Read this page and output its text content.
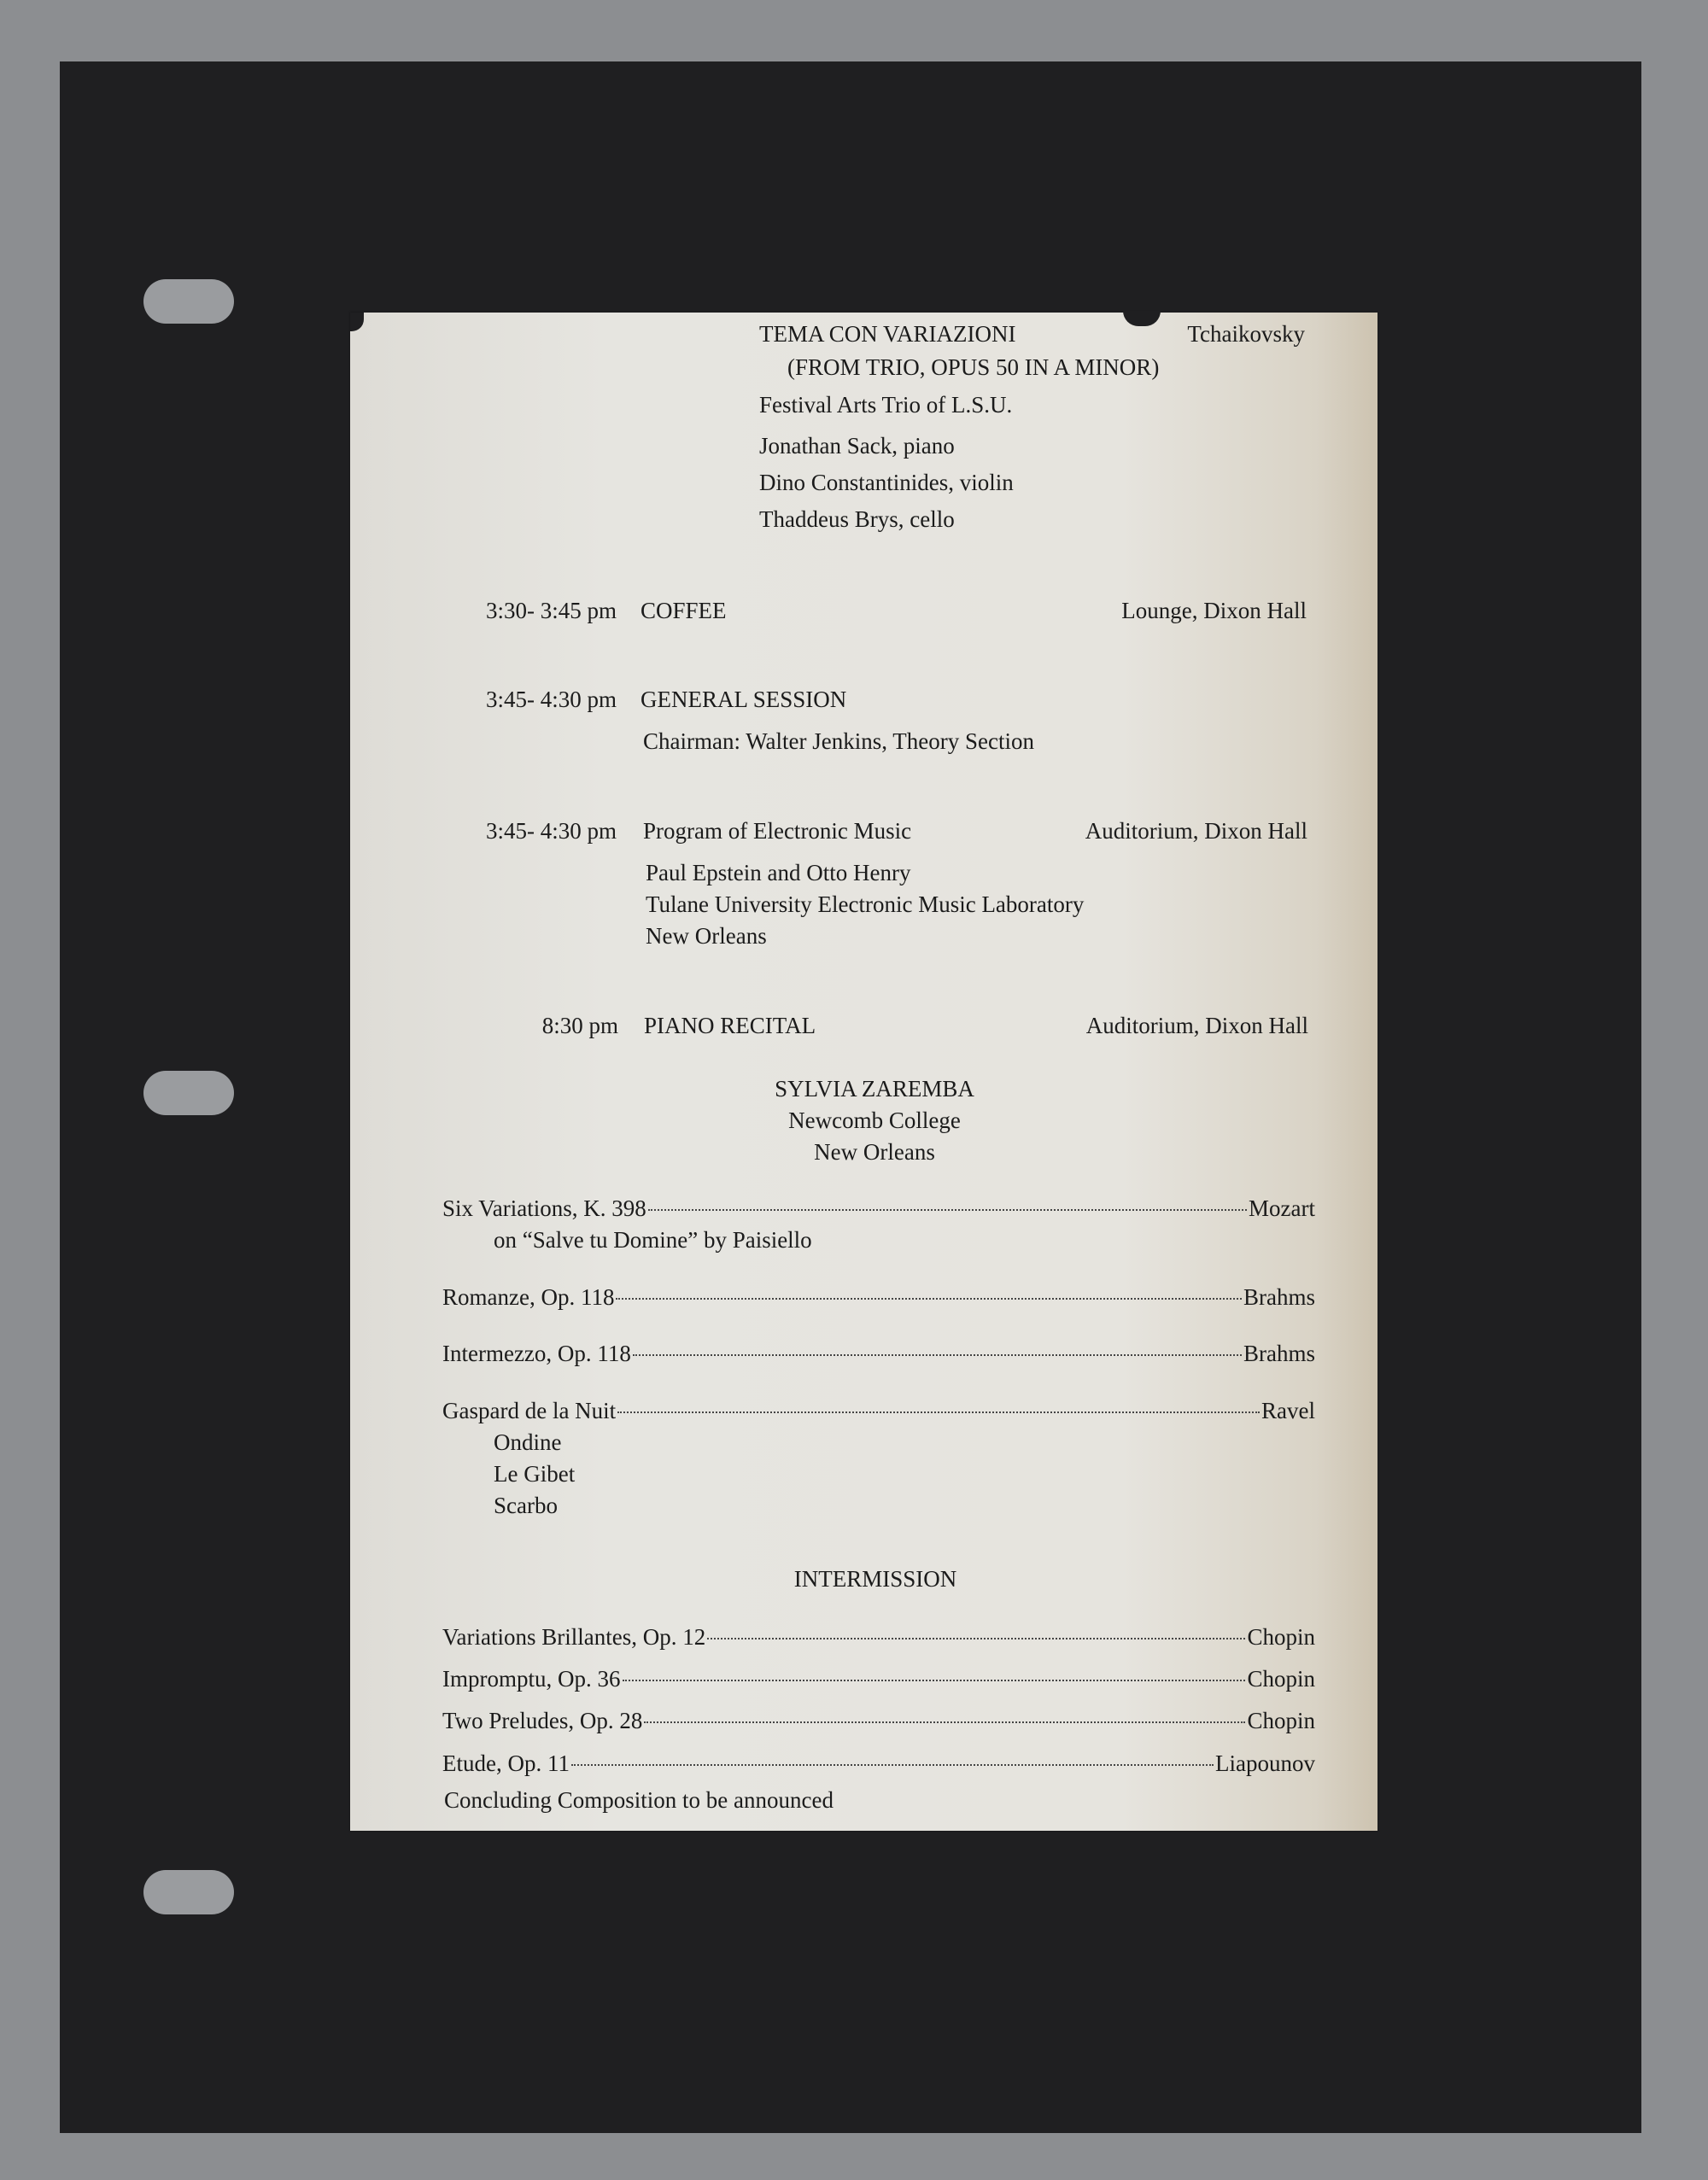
TEMA CON VARIAZIONI	Tchaikovsky
(FROM TRIO, OPUS 50 IN A MINOR)
Festival Arts Trio of L.S.U.
Jonathan Sack, piano
Dino Constantinides, violin
Thaddeus Brys, cello
3:30- 3:45 pm COFFEE	Lounge, Dixon Hall
3:45- 4:30 pm GENERAL SESSION
Chairman: Walter Jenkins, Theory Section
3:45- 4:30 pm Program of Electronic Music	Auditorium, Dixon Hall
Paul Epstein and Otto Henry
Tulane University Electronic Music Laboratory
New Orleans
8:30 pm PIANO RECITAL	Auditorium, Dixon Hall
SYLVIA ZAREMBA
Newcomb College
New Orleans
Six Variations, K. 398	Mozart
on “Salve tu Domine” by Paisiello
Romanze, Op. 118	Brahms
Intermezzo, Op. 118	Brahms
Gaspard de la Nuit	Ravel
Ondine
Le Gibet
Scarbo
INTERMISSION
Variations Brillantes, Op. 12	Chopin
Impromptu, Op. 36	Chopin
Two Preludes, Op. 28	Chopin
Etude, Op. 11	Liapounov
Concluding Composition to be announced
